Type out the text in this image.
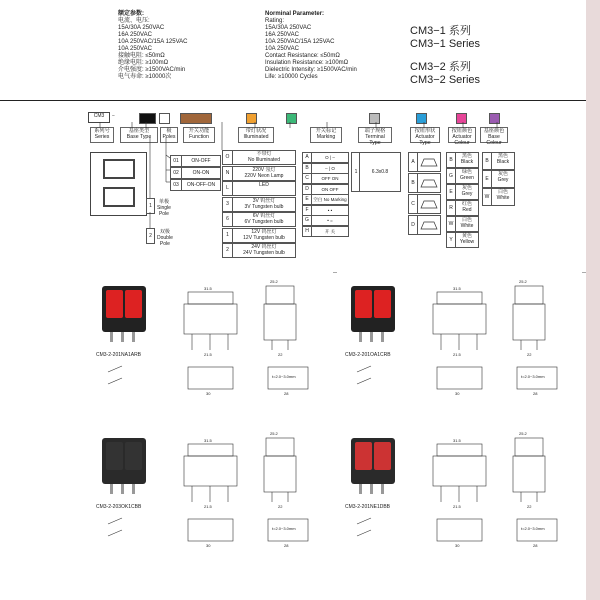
额定参数:
电流、电压:
15A/30A 250VAC
16A 250VAC
10A 250VAC/15A 125VAC
10A 250VAC
接触电阻: ≤50mΩ
绝缘电阻: ≥100mΩ
介电强度: ≥1500VAC/min
电气寿命: ≥10000次
Norminal Parameter:
Rating:
15A/30A 250VAC
16A 250VAC
10A 250VAC/15A 125VAC
10A 250VAC
Contact Resistance: ≤50mΩ
Insulation Resistance: ≥100mΩ
Dielectric Intensity: ≥1500VAC/min
Life: ≥10000 Cycles
CM3−1 系列
CM3−1 Series
CM3−2 系列
CM3−2 Series
CM3	−
系列号
Series
基座类型
Base Type
极
Poles
开关功能
Function
带灯状况
Illuminated
开关标记
Marking
端子规格
Terminal Type
按钮形状
Actuator Type
按钮颜色
Actuator Colour
基座颜色
Base Colour
1
单极
Single
Pole
2
双极
Double
Pole
01	ON-OFF
02	ON-ON
03	ON-OFF-ON
O	不带灯
No Illuminated
N	220V 氖灯
220V Neon Lamp
L	LED
3	3V 钨丝灯
3V Tungsten bulb
6	6V 钨丝灯
6V Tungsten bulb
1	12V 钨丝灯
12V Tungsten bulb
2	24V 钨丝灯
24V Tungsten bulb
A	O | –
B	– | O
C	OFF ON
D	ON OFF
E	空白 No Marking
F	• •
G	• =
H	开 关
1	6.3x0.8
A
B
C
D
B
黑色
Black
G
绿色
Green
E
灰色
Grey
R
红色
Red
W
白色
White
Y
黄色
Yellow
B
黑色
Black
E
灰色
Grey
W
白色
White
CM3-2-201NA1ARB
25.2
31.5
21.5	22
t=2.0~3.0mm
30	28
CM3-2-201OA1CRB
25.2
31.5
21.5	22
t=2.0~3.0mm
30	28
CM3-2-203OK1CBB
25.2
31.5
21.5	22
t=2.0~3.0mm
30	28
CM3-2-201NE1DBB
25.2
31.5
21.5	22
t=2.0~3.0mm
30	28
